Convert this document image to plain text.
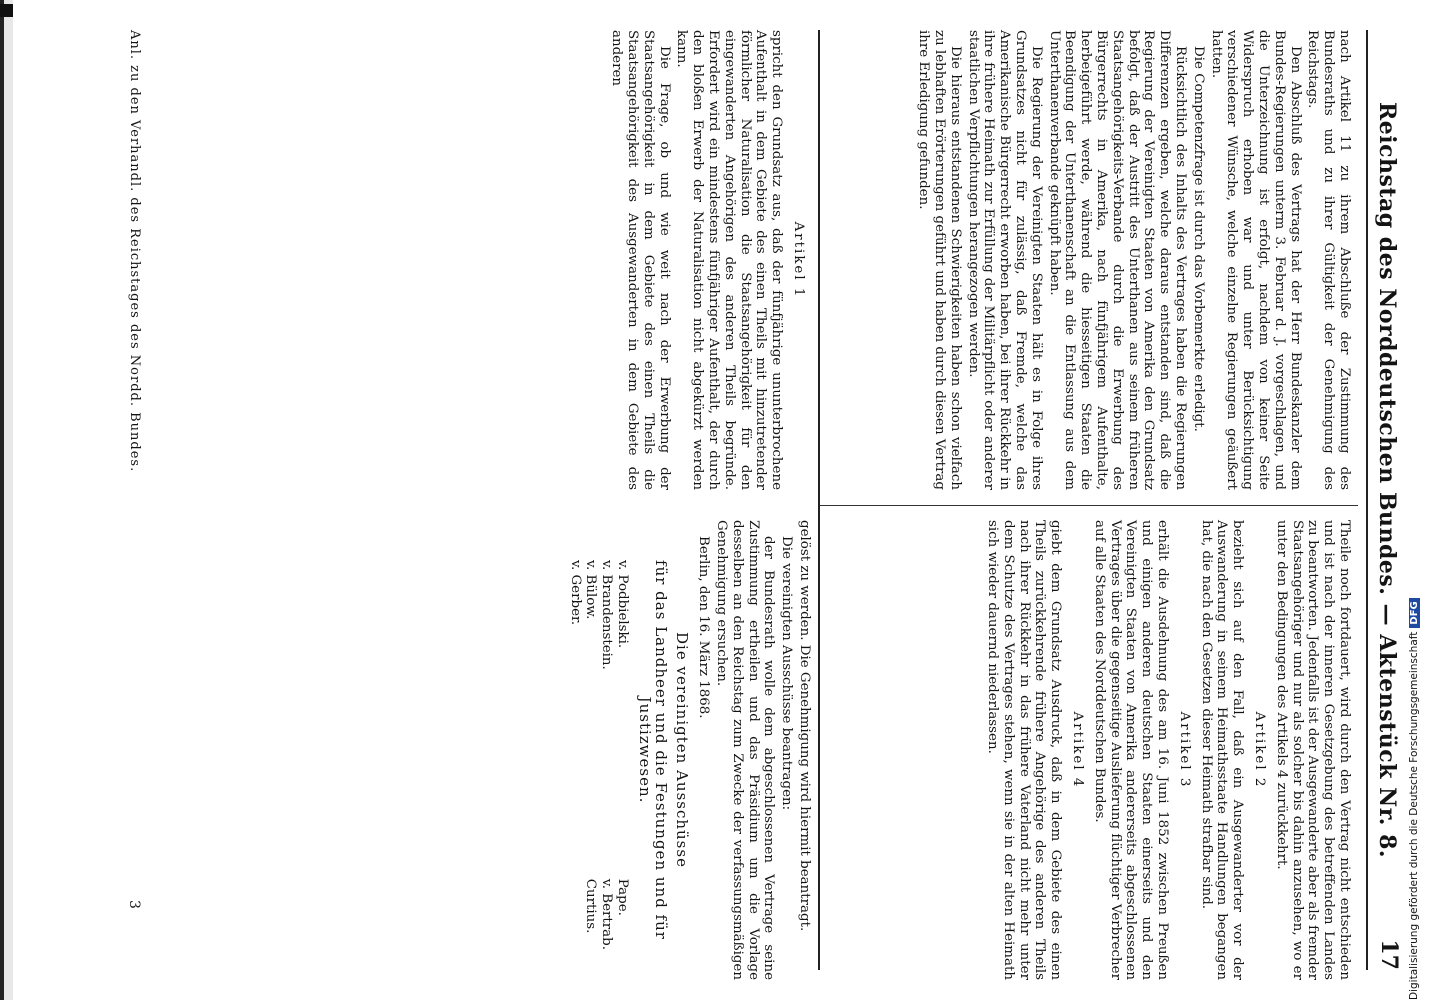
Reichstag des Norddeutschen Bundes. — Aktenstück Nr. 8.
17

nach Artikel 11 zu ihrem Abschluße der Zustimmung des Bundesraths und zu ihrer Gültigkeit der Genehmigung des Reichstags.

Den Abschluß des Vertrags hat der Herr Bundeskanzler dem Bundes-Regierungen unterm 3. Februar d. J. vorgeschlagen, und die Unterzeichnung ist erfolgt, nachdem von keiner Seite Widerspruch erhoben war und unter Berücksichtigung verschiedener Wünsche, welche einzelne Regierungen geäußert hatten.

Die Competenzfrage ist durch das Vorbemerkte erledigt.

Rücksichtlich des Inhalts des Vertrages haben die Regierungen Differenzen ergeben, welche daraus entstanden sind, daß die Regierung der Vereinigten Staaten von Amerika den Grundsatz befolgt, daß der Austritt des Unterthanen aus seinem früheren Staatsangehörigkeits-Verbande durch die Erwerbung des Bürgerrechts in Amerika, nach fünfjährigem Aufenthalte, herbeigeführt werde, während die hiesseitigen Staaten die Beendigung der Unterthanenschaft an die Entlassung aus dem Unterthanenverbande geknüpft haben.

Die Regierung der Vereinigten Staaten hält es in Folge ihres Grundsatzes nicht für zulässig, daß Fremde, welche das Amerikanische Bürgerrecht erworben haben, bei ihrer Rückkehr in ihre frühere Heimath zur Erfüllung der Militärpflicht oder anderer staatlichen Verpflichtungen herangezogen werden.

Die hieraus entstandenen Schwierigkeiten haben schon vielfach zu lebhaften Erörterungen geführt und haben durch diesen Vertrag ihre Erledigung gefunden.

Theile noch fortdauert, wird durch den Vertrag nicht entschieden und ist nach der inneren Gesetzgebung des betreffenden Landes zu beantworten. Jedenfalls ist der Ausgewanderte aber als fremder Staatsangehöriger und nur als solcher bis dahin anzusehen, wo er unter den Bedingungen des Artikels 4 zurückkehrt.

Artikel 2

bezieht sich auf den Fall, daß ein Ausgewanderter vor der Auswanderung in seinem Heimathsstaate Handlungen begangen hat, die nach den Gesetzen dieser Heimath strafbar sind.

Artikel 3

erhält die Ausdehnung des am 16. Juni 1852 zwischen Preußen und einigen anderen deutschen Staaten einerseits und den Vereinigten Staaten von Amerika andererseits abgeschlossenen Vertrages über die gegenseitige Auslieferung flüchtiger Verbrecher auf alle Staaten des Norddeutschen Bundes.

Artikel 4

giebt dem Grundsatz Ausdruck, daß in dem Gebiete des einen Theils zurückkehrende frühere Angehörige des anderen Theils nach ihrer Rückkehr in das frühere Vaterland nicht mehr unter dem Schutze des Vertrages stehen, wenn sie in der alten Heimath sich wieder dauernd niederlassen.

Artikel 1

spricht den Grundsatz aus, daß der fünfjährige ununterbrochene Aufenthalt in dem Gebiete des einen Theils mit hinzutretender förmlicher Naturalisation die Staatsangehörigkeit für den eingewanderten Angehörigen des anderen Theils begründe. Erfordert wird ein mindestens fünfjähriger Aufenthalt, der durch den bloßen Erwerb der Naturalisation nicht abgekürzt werden kann.

Die Frage, ob und wie weit nach der Erwerbung der Staatsangehörigkeit in dem Gebiete des einen Theils die Staatsangehörigkeit des Ausgewanderten in dem Gebiete des anderen

gelöst zu werden. Die Genehmigung wird hiermit beantragt.

Die vereinigten Ausschüsse beantragen:

der Bundesrath wolle dem abgeschlossenen Vertrage seine Zustimmung ertheilen und das Präsidium um die Vorlage desselben an den Reichstag zum Zwecke der verfassungsmäßigen Genehmigung ersuchen.

Berlin, den 16. März 1868.

Die vereinigten Ausschüsse

für das Landheer und die Festungen und für Justizwesen.

v. Podbielski.
v. Brandenstein.
v. Bülow.
v. Gerber.
Pape.
v. Bertrab.
Curtius.
Anl. zu den Verhandl. des Reichstages des Nordd. Bundes.
3	Digitalisierung gefördert durch die Deutsche ForschungsgemeinschaftDFG
